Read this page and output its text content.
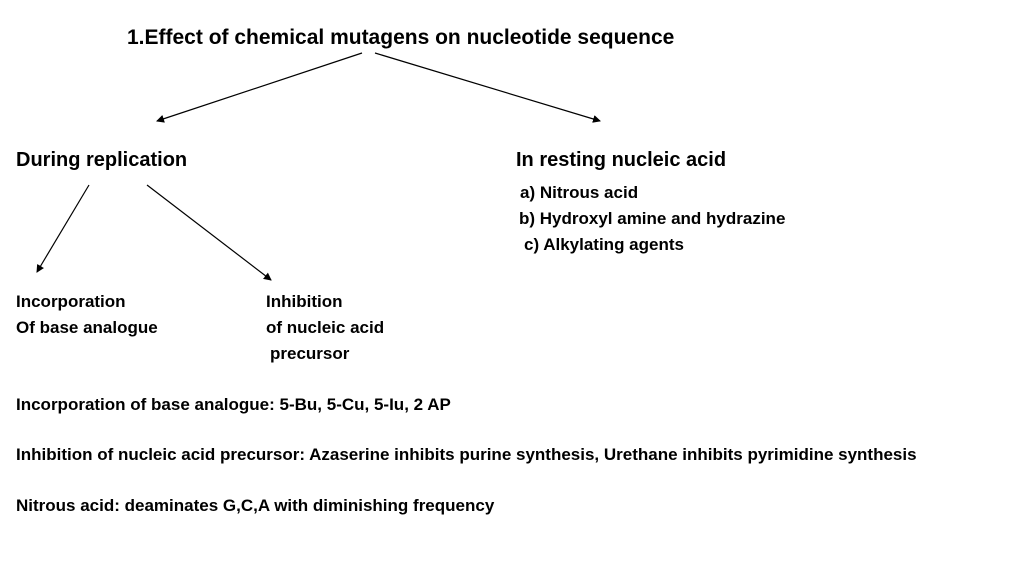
1.Effect of chemical mutagens on nucleotide sequence
During replication	In resting nucleic acid
a) Nitrous acid
b) Hydroxyl amine and hydrazine
c) Alkylating agents
Incorporation
Of base analogue
Inhibition
of nucleic acid
precursor
Incorporation of base analogue: 5-Bu, 5-Cu, 5-Iu, 2 AP
Inhibition of nucleic acid precursor: Azaserine inhibits purine synthesis, Urethane inhibits pyrimidine synthesis
Nitrous acid: deaminates G,C,A with diminishing frequency
